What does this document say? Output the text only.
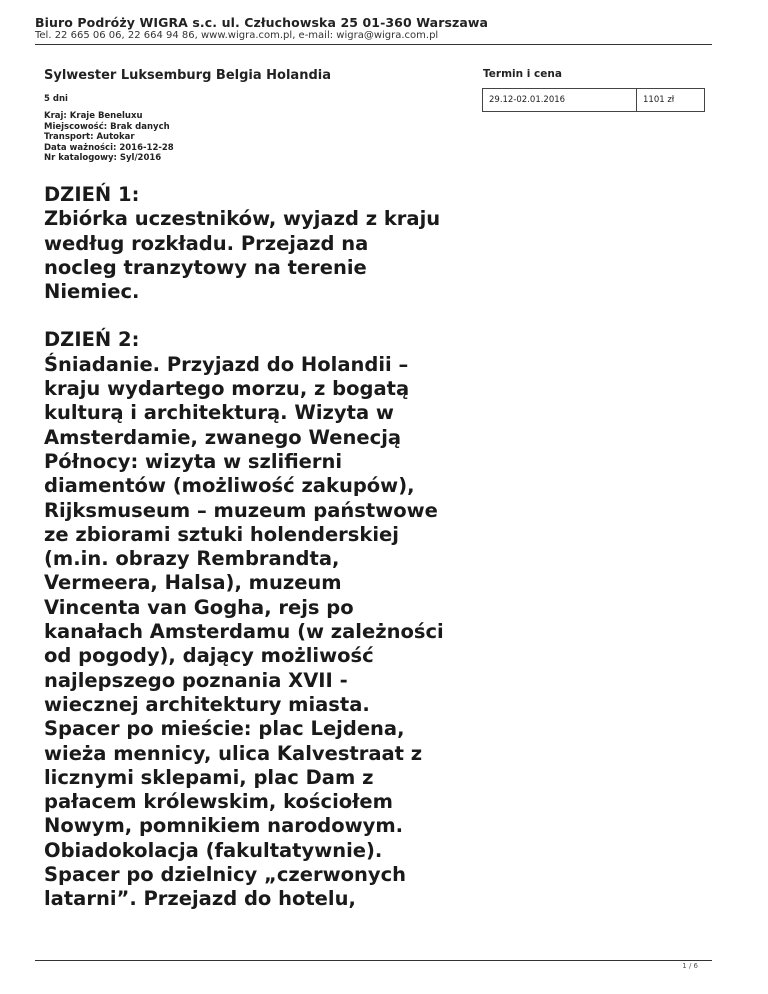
Biuro Podróży WIGRA s.c. ul. Człuchowska 25 01-360 Warszawa
Tel. 22 665 06 06, 22 664 94 86, www.wigra.com.pl, e-mail: wigra@wigra.com.pl
Sylwester Luksemburg Belgia Holandia
5 dni
Kraj: Kraje Beneluxu
Miejscowość: Brak danych
Transport: Autokar
Data ważności: 2016-12-28
Nr katalogowy: Syl/2016
Termin i cena
29.12-02.01.2016	1101 zł
DZIEŃ 1:
Zbiórka uczestników, wyjazd z kraju
według rozkładu. Przejazd na
nocleg tranzytowy na terenie
Niemiec.
DZIEŃ 2:
Śniadanie. Przyjazd do Holandii –
kraju wydartego morzu, z bogatą
kulturą i architekturą. Wizyta w
Amsterdamie, zwanego Wenecją
Północy: wizyta w szlifierni
diamentów (możliwość zakupów),
Rijksmuseum – muzeum państwowe
ze zbiorami sztuki holenderskiej
(m.in. obrazy Rembrandta,
Vermeera, Halsa), muzeum
Vincenta van Gogha, rejs po
kanałach Amsterdamu (w zależności
od pogody), dający możliwość
najlepszego poznania XVII -
wiecznej architektury miasta.
Spacer po mieście: plac Lejdena,
wieża mennicy, ulica Kalvestraat z
licznymi sklepami, plac Dam z
pałacem królewskim, kościołem
Nowym, pomnikiem narodowym.
Obiadokolacja (fakultatywnie).
Spacer po dzielnicy „czerwonych
latarni”. Przejazd do hotelu,
1 / 6
